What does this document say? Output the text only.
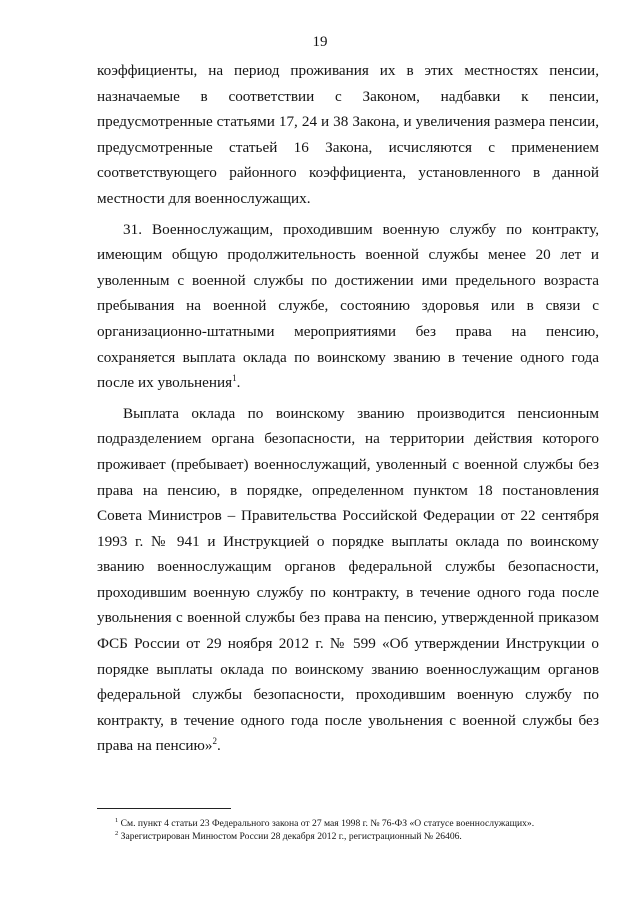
19

коэффициенты, на период проживания их в этих местностях пенсии, назначаемые в соответствии с Законом, надбавки к пенсии, предусмотренные статьями 17, 24 и 38 Закона, и увеличения размера пенсии, предусмотренные статьей 16 Закона, исчисляются с применением соответствующего районного коэффициента, установленного в данной местности для военнослужащих.

31. Военнослужащим, проходившим военную службу по контракту, имеющим общую продолжительность военной службы менее 20 лет и уволенным с военной службы по достижении ими предельного возраста пребывания на военной службе, состоянию здоровья или в связи с организационно-штатными мероприятиями без права на пенсию, сохраняется выплата оклада по воинскому званию в течение одного года после их увольнения$^1$.

Выплата оклада по воинскому званию производится пенсионным подразделением органа безопасности, на территории действия которого проживает (пребывает) военнослужащий, уволенный с военной службы без права на пенсию, в порядке, определенном пунктом 18 постановления Совета Министров – Правительства Российской Федерации от 22 сентября 1993 г. № 941 и Инструкцией о порядке выплаты оклада по воинскому званию военнослужащим органов федеральной службы безопасности, проходившим военную службу по контракту, в течение одного года после увольнения с военной службы без права на пенсию, утвержденной приказом ФСБ России от 29 ноября 2012 г. № 599 «Об утверждении Инструкции о порядке выплаты оклада по воинскому званию военнослужащим органов федеральной службы безопасности, проходившим военную службу по контракту, в течение одного года после увольнения с военной службы без права на пенсию»$^2$.

$^1$ См. пункт 4 статьи 23 Федерального закона от 27 мая 1998 г. № 76-ФЗ «О статусе военнослужащих».
$^2$ Зарегистрирован Минюстом России 28 декабря 2012 г., регистрационный № 26406.
